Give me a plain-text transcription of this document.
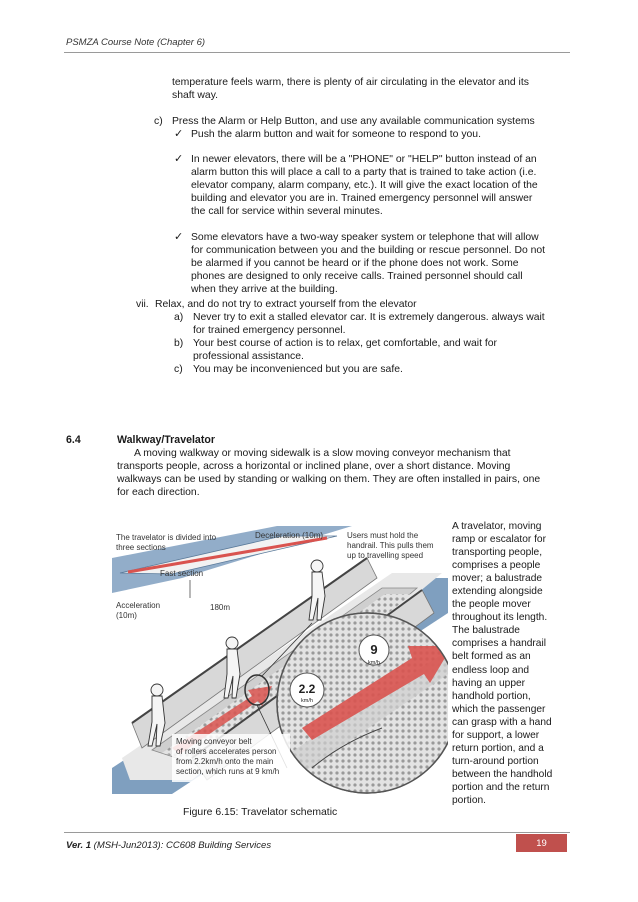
PSMZA Course Note (Chapter 6)
temperature feels warm, there is plenty of air circulating in the elevator and its
shaft way.
c) Press the Alarm or Help Button, and use any available communication systems
✓ Push the alarm button and wait for someone to respond to you.
✓ In newer elevators, there will be a "PHONE" or "HELP" button instead of an
alarm button this will place a call to a party that is trained to take action (i.e.
elevator company, alarm company, etc.). It will give the exact location of the
building and elevator you are in. Trained emergency personnel will answer
the call for service within several minutes.
✓ Some elevators have a two-way speaker system or telephone that will allow
for communication between you and the building or rescue personnel. Do not
be alarmed if you cannot be heard or if the phone does not work. Some
phones are designed to only receive calls. Trained personnel should call
when they arrive at the building.
vii. Relax, and do not try to extract yourself from the elevator
a) Never try to exit a stalled elevator car. It is extremely dangerous. always wait
for trained emergency personnel.
b) Your best course of action is to relax, get comfortable, and wait for
professional assistance.
c) You may be inconvenienced but you are safe.
6.4	Walkway/Travelator
A moving walkway or moving sidewalk is a slow moving conveyor mechanism that
transports people, across a horizontal or inclined plane, over a short distance. Moving
walkways can be used by standing or walking on them. They are often installed in pairs, one
for each direction.
9
km/h
2.2
km/h
The travelator is divided into
three sections
Deceleration (10m)	Users must hold the
handrail. This pulls them
up to travelling speed
Fast section
Acceleration
(10m)
180m
Moving conveyor belt
of rollers accelerates person
from 2.2km/h onto the main
section, which runs at 9 km/h
A travelator, moving
ramp or escalator for
transporting people,
comprises a people
mover; a balustrade
extending alongside
the people mover
throughout its length.
The balustrade
comprises a handrail
belt formed as an
endless loop and
having an upper
handhold portion,
which the passenger
can grasp with a hand
for support, a lower
return portion, and a
turn-around portion
between the handhold
portion and the return
portion.
Figure 6.15: Travelator schematic
Ver. 1 (MSH-Jun2013): CC608 Building Services	19
